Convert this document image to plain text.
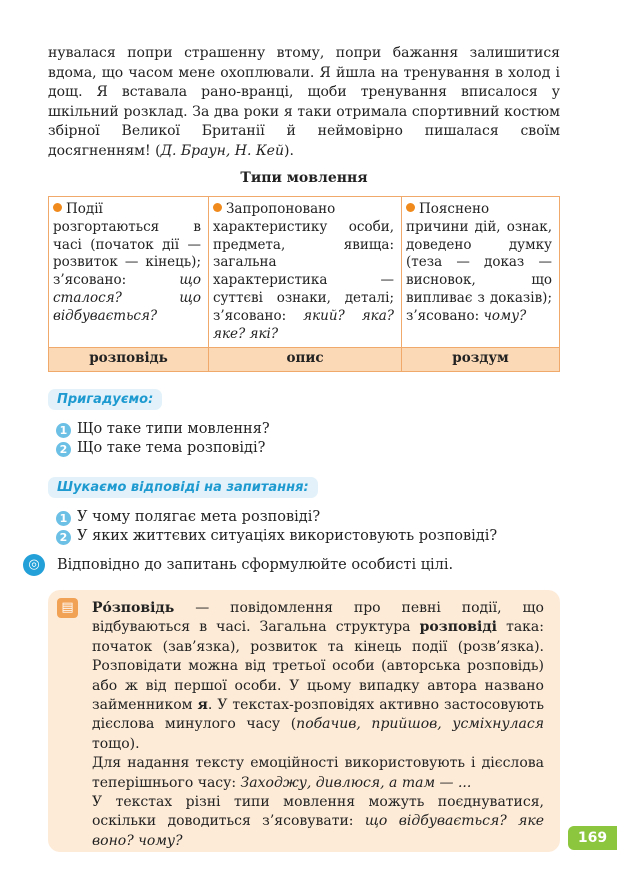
нувалася попри страшенну втому, попри бажання залишитися вдома, що часом мене охоплювали. Я йшла на тренування в холод і дощ. Я вставала рано-вранці, щоби тренування вписалося у шкільний розклад. За два роки я таки отримала спортивний костюм збірної Великої Британії й неймовірно пишалася своїм досягненням! (Д. Браун, Н. Кей).

Типи мовлення
Події розгортаються в часі (початок дії — розвиток — кінець); з’ясовано: що сталося? що відбувається?	Запропоновано характеристику особи, предмета, явища: загальна характеристика — суттєві ознаки, деталі; з’ясовано: який? яка? яке? які?	Пояснено причини дій, ознак, доведено думку (теза — доказ — висновок, що випливає з доказів); з’ясовано: чому?
розповідь	опис	роздум
Пригадуємо:
1 Що таке типи мовлення?
2 Що таке тема розповіді?
Шукаємо відповіді на запитання:
1 У чому полягає мета розповіді?
2 У яких життєвих ситуаціях використовують розповіді?
◎	Відповідно до запитань сформулюйте особисті цілі.
▤	Ро́зповідь — повідомлення про певні події, що відбуваються в часі. Загальна структура розповіді така: початок (зав’язка), розвиток та кінець події (розв’язка). Розповідати можна від третьої особи (авторська розповідь) або ж від першої особи. У цьому випадку автора названо займенником я. У текстах-розповідях активно застосовують дієслова минулого часу (побачив, прийшов, усміхнулася тощо).
Для надання тексту емоційності використовують і дієслова теперішнього часу: Заходжу, дивлюся, а там — ...
У текстах різні типи мовлення можуть поєднуватися, оскільки доводиться з’ясовувати: що відбувається? яке воно? чому?	169
